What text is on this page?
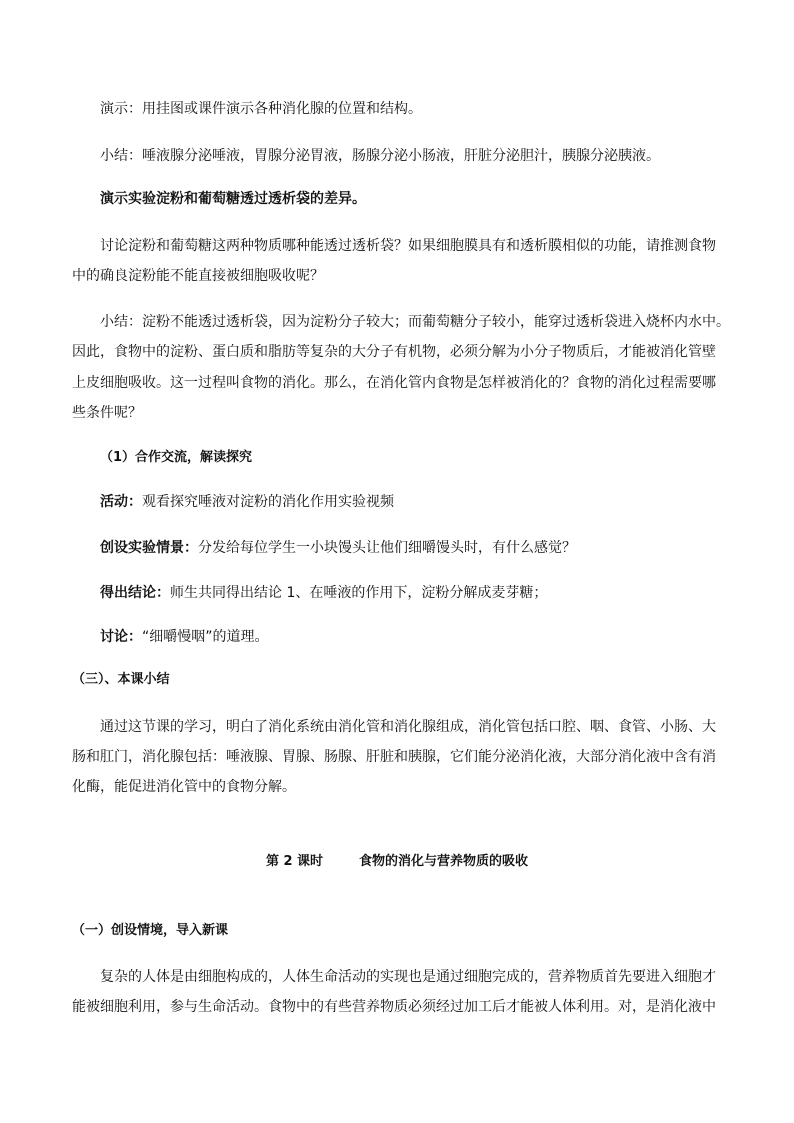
演示：用挂图或课件演示各种消化腺的位置和结构。
小结：唾液腺分泌唾液，胃腺分泌胃液，肠腺分泌小肠液，肝脏分泌胆汁，胰腺分泌胰液。
演示实验淀粉和葡萄糖透过透析袋的差异。
讨论淀粉和葡萄糖这两种物质哪种能透过透析袋？如果细胞膜具有和透析膜相似的功能，请推测食物
中的确良淀粉能不能直接被细胞吸收呢？
小结：淀粉不能透过透析袋，因为淀粉分子较大；而葡萄糖分子较小，能穿过透析袋进入烧杯内水中。
因此，食物中的淀粉、蛋白质和脂肪等复杂的大分子有机物，必须分解为小分子物质后，才能被消化管壁
上皮细胞吸收。这一过程叫食物的消化。那么，在消化管内食物是怎样被消化的？食物的消化过程需要哪
些条件呢？
（1）合作交流，解读探究
活动：观看探究唾液对淀粉的消化作用实验视频
创设实验情景：分发给每位学生一小块馒头让他们细嚼馒头时，有什么感觉？
得出结论：师生共同得出结论 1、在唾液的作用下，淀粉分解成麦芽糖；
讨论：“细嚼慢咽”的道理。
（三）、本课小结
通过这节课的学习，明白了消化系统由消化管和消化腺组成，消化管包括口腔、咽、食管、小肠、大
肠和肛门，消化腺包括：唾液腺、胃腺、肠腺、肝脏和胰腺，它们能分泌消化液，大部分消化液中含有消
化酶，能促进消化管中的食物分解。
第 2 课时	食物的消化与营养物质的吸收
（一）创设情境，导入新课
复杂的人体是由细胞构成的，人体生命活动的实现也是通过细胞完成的，营养物质首先要进入细胞才
能被细胞利用，参与生命活动。食物中的有些营养物质必须经过加工后才能被人体利用。对，是消化液中
